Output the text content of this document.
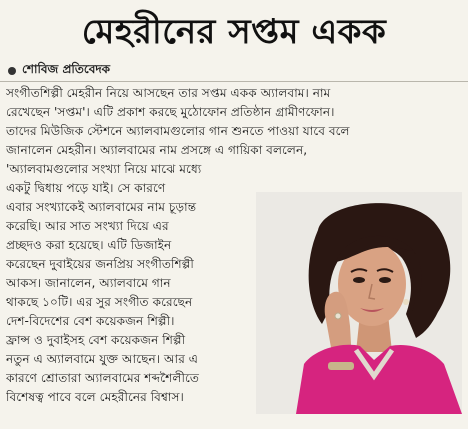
মেহরীনের সপ্তম একক
শোবিজ প্রতিবেদক
সংগীতশিল্পী মেহরীন নিয়ে আসছেন তার সপ্তম একক অ্যালবাম। নাম
রেখেছেন 'সপ্তম'। এটি প্রকাশ করছে মুঠোফোন প্রতিষ্ঠান গ্রামীণফোন।
তাদের মিউজিক স্টেশনে অ্যালবামগুলোর গান শুনতে পাওয়া যাবে বলে
জানালেন মেহরীন। অ্যালবামের নাম প্রসঙ্গে এ গায়িকা বললেন,
'অ্যালবামগুলোর সংখ্যা নিয়ে মাঝে মধ্যে
একটু দ্বিধায় পড়ে যাই। সে কারণে
এবার সংখ্যাকেই অ্যালবামের নাম চূড়ান্ত
করেছি। আর সাত সংখ্যা দিয়ে এর
প্রচ্ছদও করা হয়েছে। এটি ডিজাইন
করেছেন দুবাইয়ের জনপ্রিয় সংগীতশিল্পী
আকস। জানালেন, অ্যালবামে গান
থাকছে ১০টি। এর সুর সংগীত করেছেন
দেশ-বিদেশের বেশ কয়েকজন শিল্পী।
ফ্রান্স ও দুবাইসহ বেশ কয়েকজন শিল্পী
নতুন এ অ্যালবামে যুক্ত আছেন। আর এ
কারণে শ্রোতারা অ্যালবামের শব্দশৈলীতে
বিশেষত্ব পাবে বলে মেহরীনের বিশ্বাস।
